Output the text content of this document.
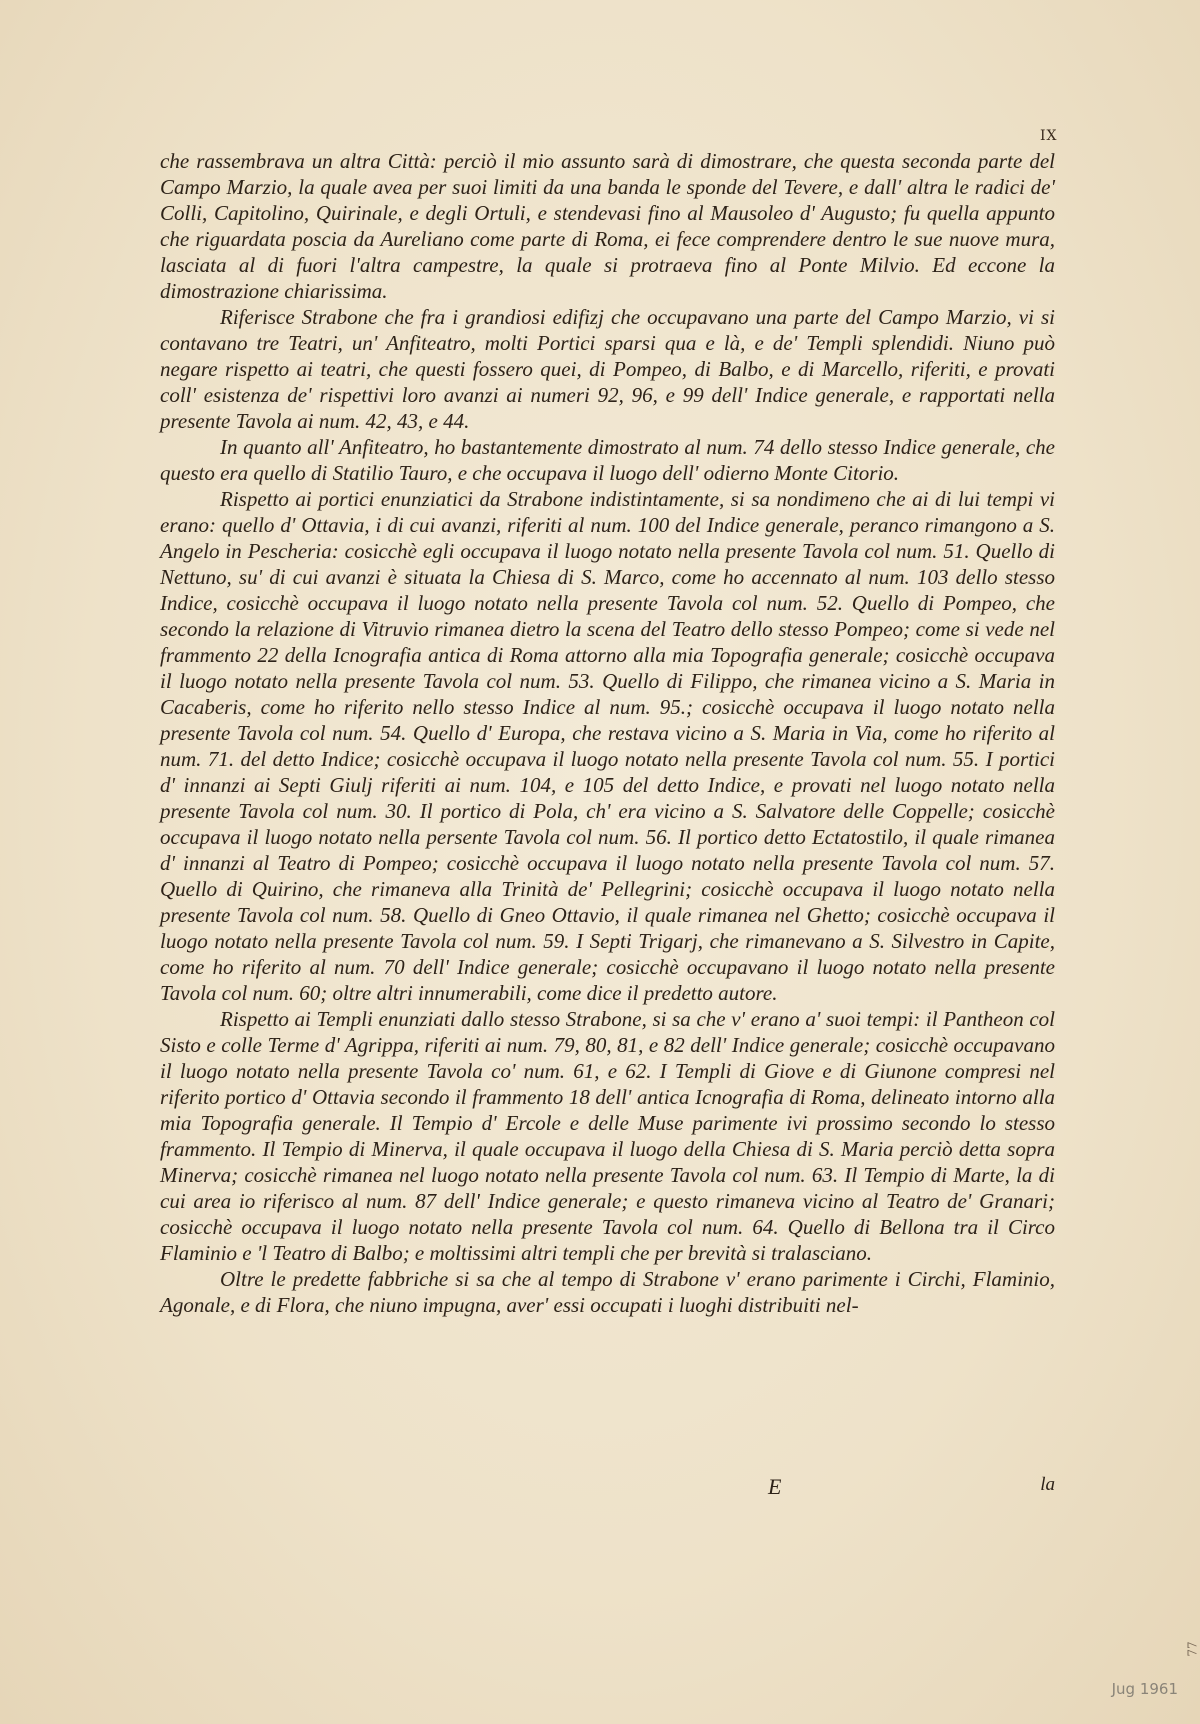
IX

che rassembrava un altra Città: perciò il mio assunto sarà di dimostrare, che questa seconda parte del Campo Marzio, la quale avea per suoi limiti da una banda le sponde del Tevere, e dall' altra le radici de' Colli, Capitolino, Quirinale, e degli Ortuli, e stendevasi fino al Mausoleo d' Augusto; fu quella appunto che riguardata poscia da Aureliano come parte di Roma, ei fece comprendere dentro le sue nuove mura, lasciata al di fuori l'altra campestre, la quale si protraeva fino al Ponte Milvio. Ed eccone la dimostrazione chiarissima.

Riferisce Strabone che fra i grandiosi edifizj che occupavano una parte del Campo Marzio, vi si contavano tre Teatri, un' Anfiteatro, molti Portici sparsi qua e là, e de' Templi splendidi. Niuno può negare rispetto ai teatri, che questi fossero quei, di Pompeo, di Balbo, e di Marcello, riferiti, e provati coll' esistenza de' rispettivi loro avanzi ai numeri 92, 96, e 99 dell' Indice generale, e rapportati nella presente Tavola ai num. 42, 43, e 44.

In quanto all' Anfiteatro, ho bastantemente dimostrato al num. 74 dello stesso Indice generale, che questo era quello di Statilio Tauro, e che occupava il luogo dell' odierno Monte Citorio.

Rispetto ai portici enunziatici da Strabone indistintamente, si sa nondimeno che ai di lui tempi vi erano: quello d' Ottavia, i di cui avanzi, riferiti al num. 100 del Indice generale, peranco rimangono a S. Angelo in Pescheria: cosicchè egli occupava il luogo notato nella presente Tavola col num. 51. Quello di Nettuno, su' di cui avanzi è situata la Chiesa di S. Marco, come ho accennato al num. 103 dello stesso Indice, cosicchè occupava il luogo notato nella presente Tavola col num. 52. Quello di Pompeo, che secondo la relazione di Vitruvio rimanea dietro la scena del Teatro dello stesso Pompeo; come si vede nel frammento 22 della Icnografia antica di Roma attorno alla mia Topografia generale; cosicchè occupava il luogo notato nella presente Tavola col num. 53. Quello di Filippo, che rimanea vicino a S. Maria in Cacaberis, come ho riferito nello stesso Indice al num. 95.; cosicchè occupava il luogo notato nella presente Tavola col num. 54. Quello d' Europa, che restava vicino a S. Maria in Via, come ho riferito al num. 71. del detto Indice; cosicchè occupava il luogo notato nella presente Tavola col num. 55. I portici d' innanzi ai Septi Giulj riferiti ai num. 104, e 105 del detto Indice, e provati nel luogo notato nella presente Tavola col num. 30. Il portico di Pola, ch' era vicino a S. Salvatore delle Coppelle; cosicchè occupava il luogo notato nella persente Tavola col num. 56. Il portico detto Ectatostilo, il quale rimanea d' innanzi al Teatro di Pompeo; cosicchè occupava il luogo notato nella presente Tavola col num. 57. Quello di Quirino, che rimaneva alla Trinità de' Pellegrini; cosicchè occupava il luogo notato nella presente Tavola col num. 58. Quello di Gneo Ottavio, il quale rimanea nel Ghetto; cosicchè occupava il luogo notato nella presente Tavola col num. 59. I Septi Trigarj, che rimanevano a S. Silvestro in Capite, come ho riferito al num. 70 dell' Indice generale; cosicchè occupavano il luogo notato nella presente Tavola col num. 60; oltre altri innumerabili, come dice il predetto autore.

Rispetto ai Templi enunziati dallo stesso Strabone, si sa che v' erano a' suoi tempi: il Pantheon col Sisto e colle Terme d' Agrippa, riferiti ai num. 79, 80, 81, e 82 dell' Indice generale; cosicchè occupavano il luogo notato nella presente Tavola co' num. 61, e 62. I Templi di Giove e di Giunone compresi nel riferito portico d' Ottavia secondo il frammento 18 dell' antica Icnografia di Roma, delineato intorno alla mia Topografia generale. Il Tempio d' Ercole e delle Muse parimente ivi prossimo secondo lo stesso frammento. Il Tempio di Minerva, il quale occupava il luogo della Chiesa di S. Maria perciò detta sopra Minerva; cosicchè rimanea nel luogo notato nella presente Tavola col num. 63. Il Tempio di Marte, la di cui area io riferisco al num. 87 dell' Indice generale; e questo rimaneva vicino al Teatro de' Granari; cosicchè occupava il luogo notato nella presente Tavola col num. 64. Quello di Bellona tra il Circo Flaminio e 'l Teatro di Balbo; e moltissimi altri templi che per brevità si tralasciano.

Oltre le predette fabbriche si sa che al tempo di Strabone v' erano parimente i Circhi, Flaminio, Agonale, e di Flora, che niuno impugna, aver' essi occupati i luoghi distribuiti nel-

E	la
77
Jug 1961
